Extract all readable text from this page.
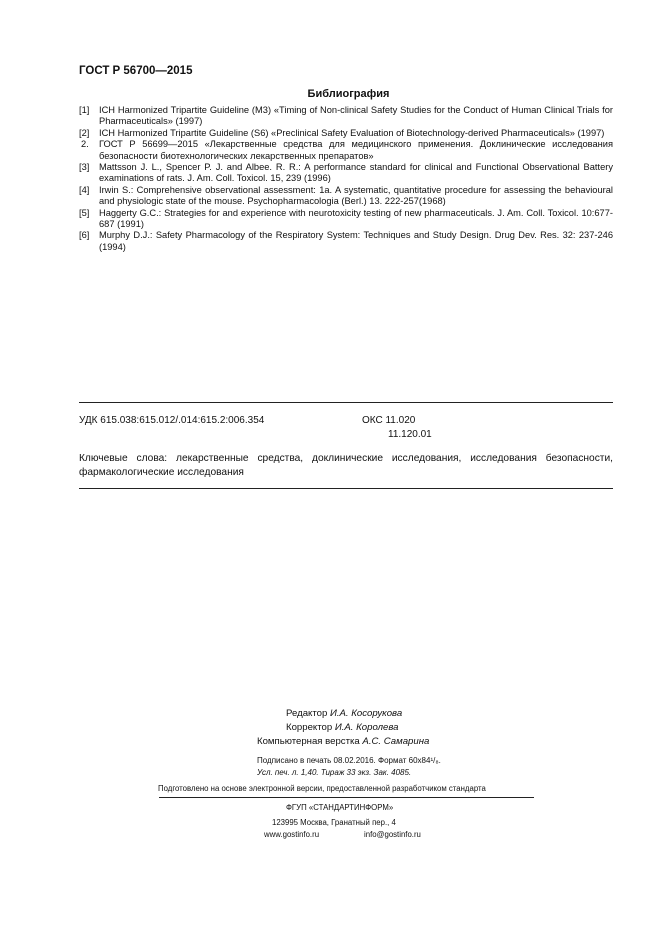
ГОСТ Р 56700—2015
Библиография
[1]	ICH Harmonized Tripartite Guideline (M3) «Timing of Non-clinical Safety Studies for the Conduct of Human Clinical Trials for Pharmaceuticals» (1997)
[2]	ICH Harmonized Tripartite Guideline (S6) «Preclinical Safety Evaluation of Biotechnology-derived Pharmaceuticals» (1997)
2.	ГОСТ Р 56699—2015 «Лекарственные средства для медицинского применения. Доклинические исследования безопасности биотехнологических лекарственных препаратов»
[3]	Mattsson J. L., Spencer P. J. and Albee. R. R.: A performance standard for clinical and Functional Observational Battery examinations of rats. J. Am. Coll. Toxicol. 15, 239 (1996)
[4]	Irwin S.: Comprehensive observational assessment: 1a. A systematic, quantitative procedure for assessing the behavioural and physiologic state of the mouse. Psychopharmacologia (Berl.) 13. 222-257(1968)
[5]	Haggerty G.C.: Strategies for and experience with neurotoxicity testing of new pharmaceuticals. J. Am. Coll. Toxicol. 10:677-687 (1991)
[6]	Murphy D.J.: Safety Pharmacology of the Respiratory System: Techniques and Study Design. Drug Dev. Res. 32: 237-246 (1994)
УДК 615.038:615.012/.014:615.2:006.354	ОКС 11.020
11.120.01
Ключевые слова: лекарственные средства, доклинические исследования, исследования безопасности, фармакологические исследования
Редактор И.А. Косорукова
Корректор И.А. Королева
Компьютерная верстка А.С. Самарина
Подписано в печать 08.02.2016. Формат 60x84¹/₈.
Усл. печ. л. 1,40. Тираж 33 экз. Зак. 4085.
Подготовлено на основе электронной версии, предоставленной разработчиком стандарта
ФГУП «СТАНДАРТИНФОРМ»
123995 Москва, Гранатный пер., 4
www.gostinfo.ru	info@gostinfo.ru
